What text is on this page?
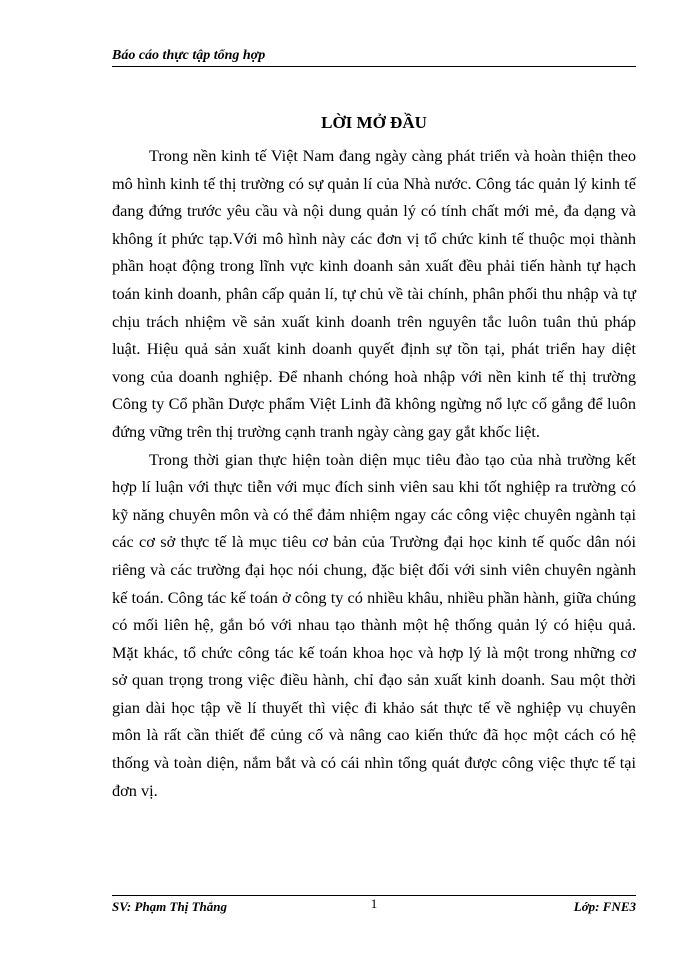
Báo cáo thực tập tổng hợp
LỜI MỞ ĐẦU

Trong nền kinh tế Việt Nam đang ngày càng phát triển và hoàn thiện theo mô hình kinh tế thị trường có sự quản lí của Nhà nước. Công tác quản lý kinh tế đang đứng trước yêu cầu và nội dung quản lý có tính chất mới mẻ, đa dạng và không ít phức tạp.Với mô hình này các đơn vị tổ chức kinh tế thuộc mọi thành phần hoạt động trong lĩnh vực kinh doanh sản xuất đều phải tiến hành tự hạch toán kinh doanh, phân cấp quản lí, tự chủ về tài chính, phân phối thu nhập và tự chịu trách nhiệm về sản xuất kinh doanh trên nguyên tắc luôn tuân thủ pháp luật. Hiệu quả sản xuất kinh doanh quyết định sự tồn tại, phát triển hay diệt vong của doanh nghiệp. Để nhanh chóng hoà nhập với nền kinh tế thị trường Công ty Cổ phần Dược phẩm Việt Linh đã không ngừng nổ lực cố gắng để luôn đứng vững trên thị trường cạnh tranh ngày càng gay gắt khốc liệt.

Trong thời gian thực hiện toàn diện mục tiêu đào tạo của nhà trường kết hợp lí luận với thực tiễn với mục đích sinh viên sau khi tốt nghiệp ra trường có kỹ năng chuyên môn và có thể đảm nhiệm ngay các công việc chuyên ngành tại các cơ sở thực tế là mục tiêu cơ bản của Trường đại học kinh tế quốc dân nói riêng và các trường đại học nói chung, đặc biệt đối với sinh viên chuyên ngành kế toán. Công tác kế toán ở công ty có nhiều khâu, nhiều phần hành, giữa chúng có mối liên hệ, gắn bó với nhau tạo thành một hệ thống quản lý có hiệu quả. Mặt khác, tổ chức công tác kế toán khoa học và hợp lý là một trong những cơ sở quan trọng trong việc điều hành, chỉ đạo sản xuất kinh doanh. Sau một thời gian dài học tập về lí thuyết thì việc đi khảo sát thực tế về nghiệp vụ chuyên môn là rất cần thiết để củng cố và nâng cao kiến thức đã học một cách có hệ thống và toàn diện, nắm bắt và có cái nhìn tổng quát được công việc thực tế tại đơn vị.

SV: Phạm Thị Thắng	1	Lớp: FNE3
